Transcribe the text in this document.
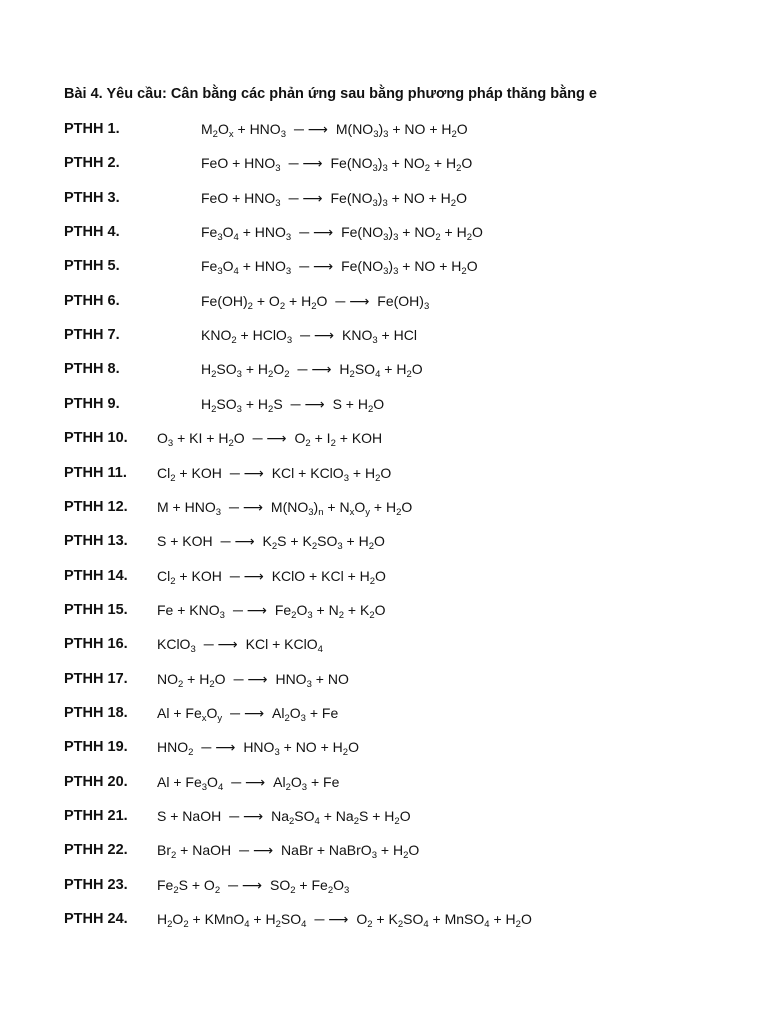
Bài 4. Yêu cầu: Cân bằng các phản ứng sau bằng phương pháp thăng bằng e
PTHH 1.	$M_2O_x + HNO_3$ ─ ⟶ $M(NO_3)_3$ + NO + $H_2O$
PTHH 2.	FeO + $HNO_3$ ─ ⟶ $Fe(NO_3)_3 + NO_2 + H_2O$
PTHH 3.	FeO + $HNO_3$ ─ ⟶ $Fe(NO_3)_3$ + NO + $H_2O$
PTHH 4.	$Fe_3O_4 + HNO_3$ ─ ⟶ $Fe(NO_3)_3 + NO_2 + H_2O$
PTHH 5.	$Fe_3O_4 + HNO_3$ ─ ⟶ $Fe(NO_3)_3$ + NO + $H_2O$
PTHH 6.	$Fe(OH)_2 + O_2 + H_2O$ ─ ⟶ $Fe(OH)_3$
PTHH 7.	$KNO_2$ + HClO$_3$ ─ ⟶ $KNO_3$ + HCl
PTHH 8.	$H_2SO_3 + H_2O_2$ ─ ⟶ $H_2SO_4 + H_2O$
PTHH 9.	$H_2SO_3 + H_2S$ ─ ⟶ $S + H_2O$
PTHH 10. $O_3$ + KI + $H_2O$ ─ ⟶ $O_2 + I_2$ + KOH
PTHH 11. $Cl_2$ + KOH ─ ⟶ KCl + KClO$_3$ + $H_2O$
PTHH 12. $M + HNO_3$ ─ ⟶ $M(NO_3)_n + N_xO_y + H_2O$
PTHH 13. S + KOH ─ ⟶ $K_2S + K_2SO_3 + H_2O$
PTHH 14. $Cl_2$ + KOH ─ ⟶ KClO + KCl + $H_2O$
PTHH 15. $Fe + KNO_3$ ─ ⟶ $Fe_2O_3 + N_2 + K_2O$
PTHH 16. KClO$_3$ ─ ⟶ KCl + KClO$_4$
PTHH 17. $NO_2 + H_2O$ ─ ⟶ $HNO_3$ + NO
PTHH 18. $Al + Fe_xO_y$ ─ ⟶ $Al_2O_3 + Fe$
PTHH 19. $HNO_2$ ─ ⟶ $HNO_3$ + NO + $H_2O$
PTHH 20. $Al + Fe_3O_4$ ─ ⟶ $Al_2O_3 + Fe$
PTHH 21. S + NaOH ─ ⟶ $Na_2SO_4 + Na_2S + H_2O$
PTHH 22. $Br_2$ + NaOH ─ ⟶ NaBr + NaBrO$_3$ + $H_2O$
PTHH 23. $Fe_2S + O_2$ ─ ⟶ $SO_2 + Fe_2O_3$
PTHH 24. $H_2O_2$ + KMnO$_4$ + $H_2SO_4$ ─ ⟶ $O_2 + K_2SO_4$ + MnSO$_4$ + $H_2O$
